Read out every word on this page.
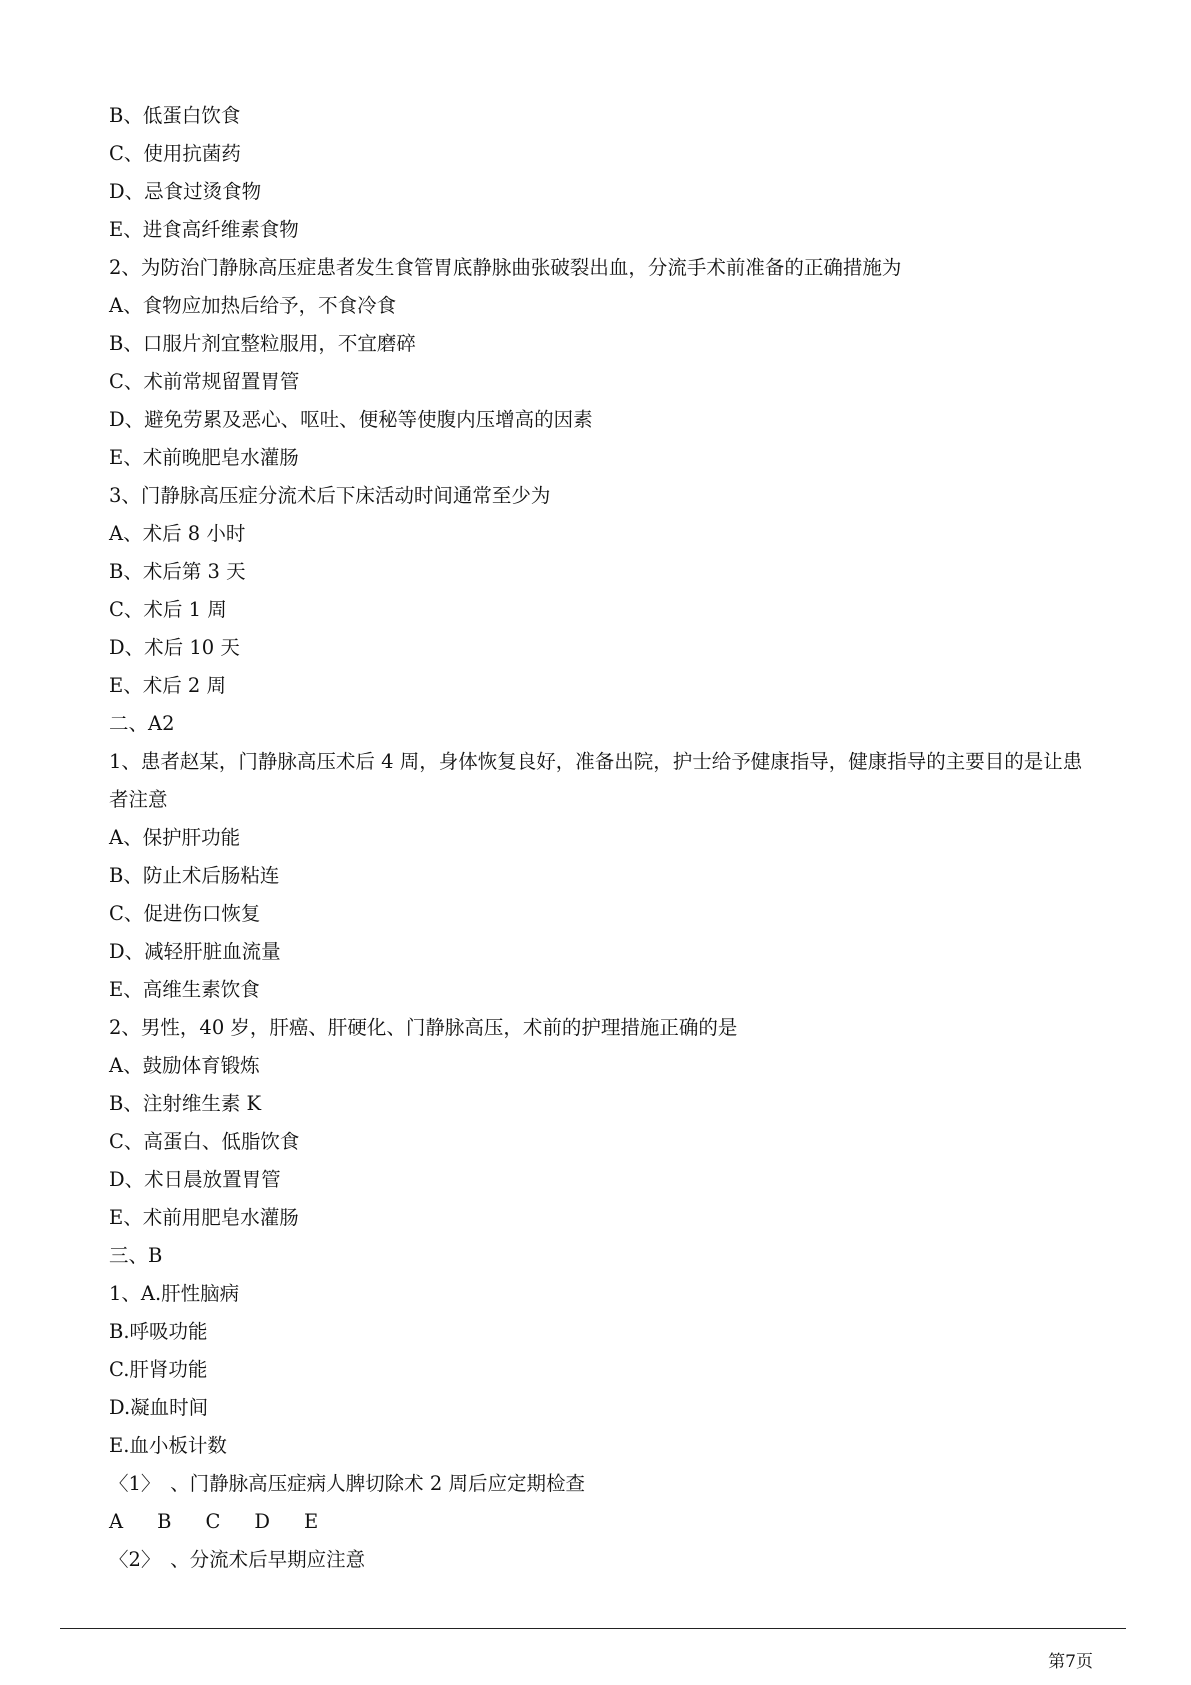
B、低蛋白饮食
C、使用抗菌药
D、忌食过烫食物
E、进食高纤维素食物
2、为防治门静脉高压症患者发生食管胃底静脉曲张破裂出血，分流手术前准备的正确措施为
A、食物应加热后给予，不食冷食
B、口服片剂宜整粒服用，不宜磨碎
C、术前常规留置胃管
D、避免劳累及恶心、呕吐、便秘等使腹内压增高的因素
E、术前晚肥皂水灌肠
3、门静脉高压症分流术后下床活动时间通常至少为
A、术后 8 小时
B、术后第 3 天
C、术后 1 周
D、术后 10 天
E、术后 2 周
二、A2
1、患者赵某，门静脉高压术后 4 周，身体恢复良好，准备出院，护士给予健康指导，健康指导的主要目的是让患者注意
A、保护肝功能
B、防止术后肠粘连
C、促进伤口恢复
D、减轻肝脏血流量
E、高维生素饮食
2、男性，40 岁，肝癌、肝硬化、门静脉高压，术前的护理措施正确的是
A、鼓励体育锻炼
B、注射维生素 K
C、高蛋白、低脂饮食
D、术日晨放置胃管
E、术前用肥皂水灌肠
三、B
1、A.肝性脑病
B.呼吸功能
C.肝肾功能
D.凝血时间
E.血小板计数
〈1〉　、门静脉高压症病人脾切除术 2 周后应定期检查
A B C D E
〈2〉　、分流术后早期应注意
第7页
